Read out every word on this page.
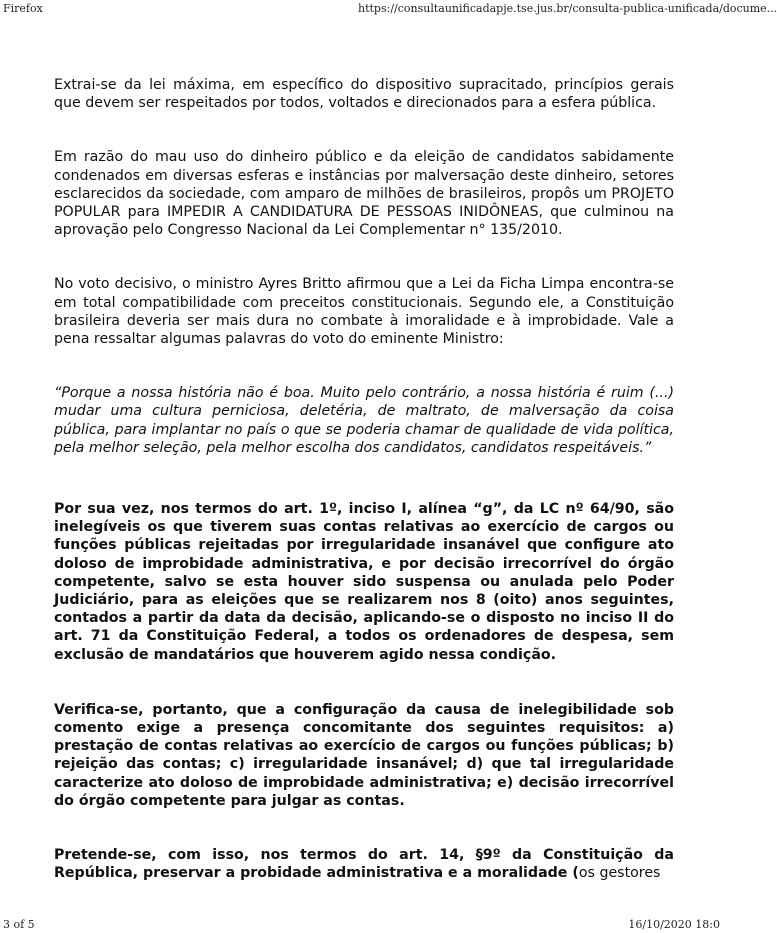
Firefox	https://consultaunificadapje.tse.jus.br/consulta-publica-unificada/docume...

Extrai-se da lei máxima, em específico do dispositivo supracitado, princípios gerais que devem ser respeitados por todos, voltados e direcionados para a esfera pública.

Em razão do mau uso do dinheiro público e da eleição de candidatos sabidamente condenados em diversas esferas e instâncias por malversação deste dinheiro, setores esclarecidos da sociedade, com amparo de milhões de brasileiros, propôs um PROJETO POPULAR para IMPEDIR A CANDIDATURA DE PESSOAS INIDÔNEAS, que culminou na aprovação pelo Congresso Nacional da Lei Complementar n° 135/2010.

No voto decisivo, o ministro Ayres Britto afirmou que a Lei da Ficha Limpa encontra-se em total compatibilidade com preceitos constitucionais. Segundo ele, a Constituição brasileira deveria ser mais dura no combate à imoralidade e à improbidade. Vale a pena ressaltar algumas palavras do voto do eminente Ministro:

“Porque a nossa história não é boa. Muito pelo contrário, a nossa história é ruim (...) mudar uma cultura perniciosa, deletéria, de maltrato, de malversação da coisa pública, para implantar no país o que se poderia chamar de qualidade de vida política, pela melhor seleção, pela melhor escolha dos candidatos, candidatos respeitáveis.”

Por sua vez, nos termos do art. 1º, inciso I, alínea “g”, da LC nº 64/90, são inelegíveis os que tiverem suas contas relativas ao exercício de cargos ou funções públicas rejeitadas por irregularidade insanável que configure ato doloso de improbidade administrativa, e por decisão irrecorrível do órgão competente, salvo se esta houver sido suspensa ou anulada pelo Poder Judiciário, para as eleições que se realizarem nos 8 (oito) anos seguintes, contados a partir da data da decisão, aplicando-se o disposto no inciso II do art. 71 da Constituição Federal, a todos os ordenadores de despesa, sem exclusão de mandatários que houverem agido nessa condição.

Verifica-se, portanto, que a configuração da causa de inelegibilidade sob comento exige a presença concomitante dos seguintes requisitos: a) prestação de contas relativas ao exercício de cargos ou funções públicas; b) rejeição das contas; c) irregularidade insanável; d) que tal irregularidade caracterize ato doloso de improbidade administrativa; e) decisão irrecorrível do órgão competente para julgar as contas.

Pretende-se, com isso, nos termos do art. 14, §9º da Constituição da República, preservar a probidade administrativa e a moralidade (os gestores

3 of 5	16/10/2020 18:0
